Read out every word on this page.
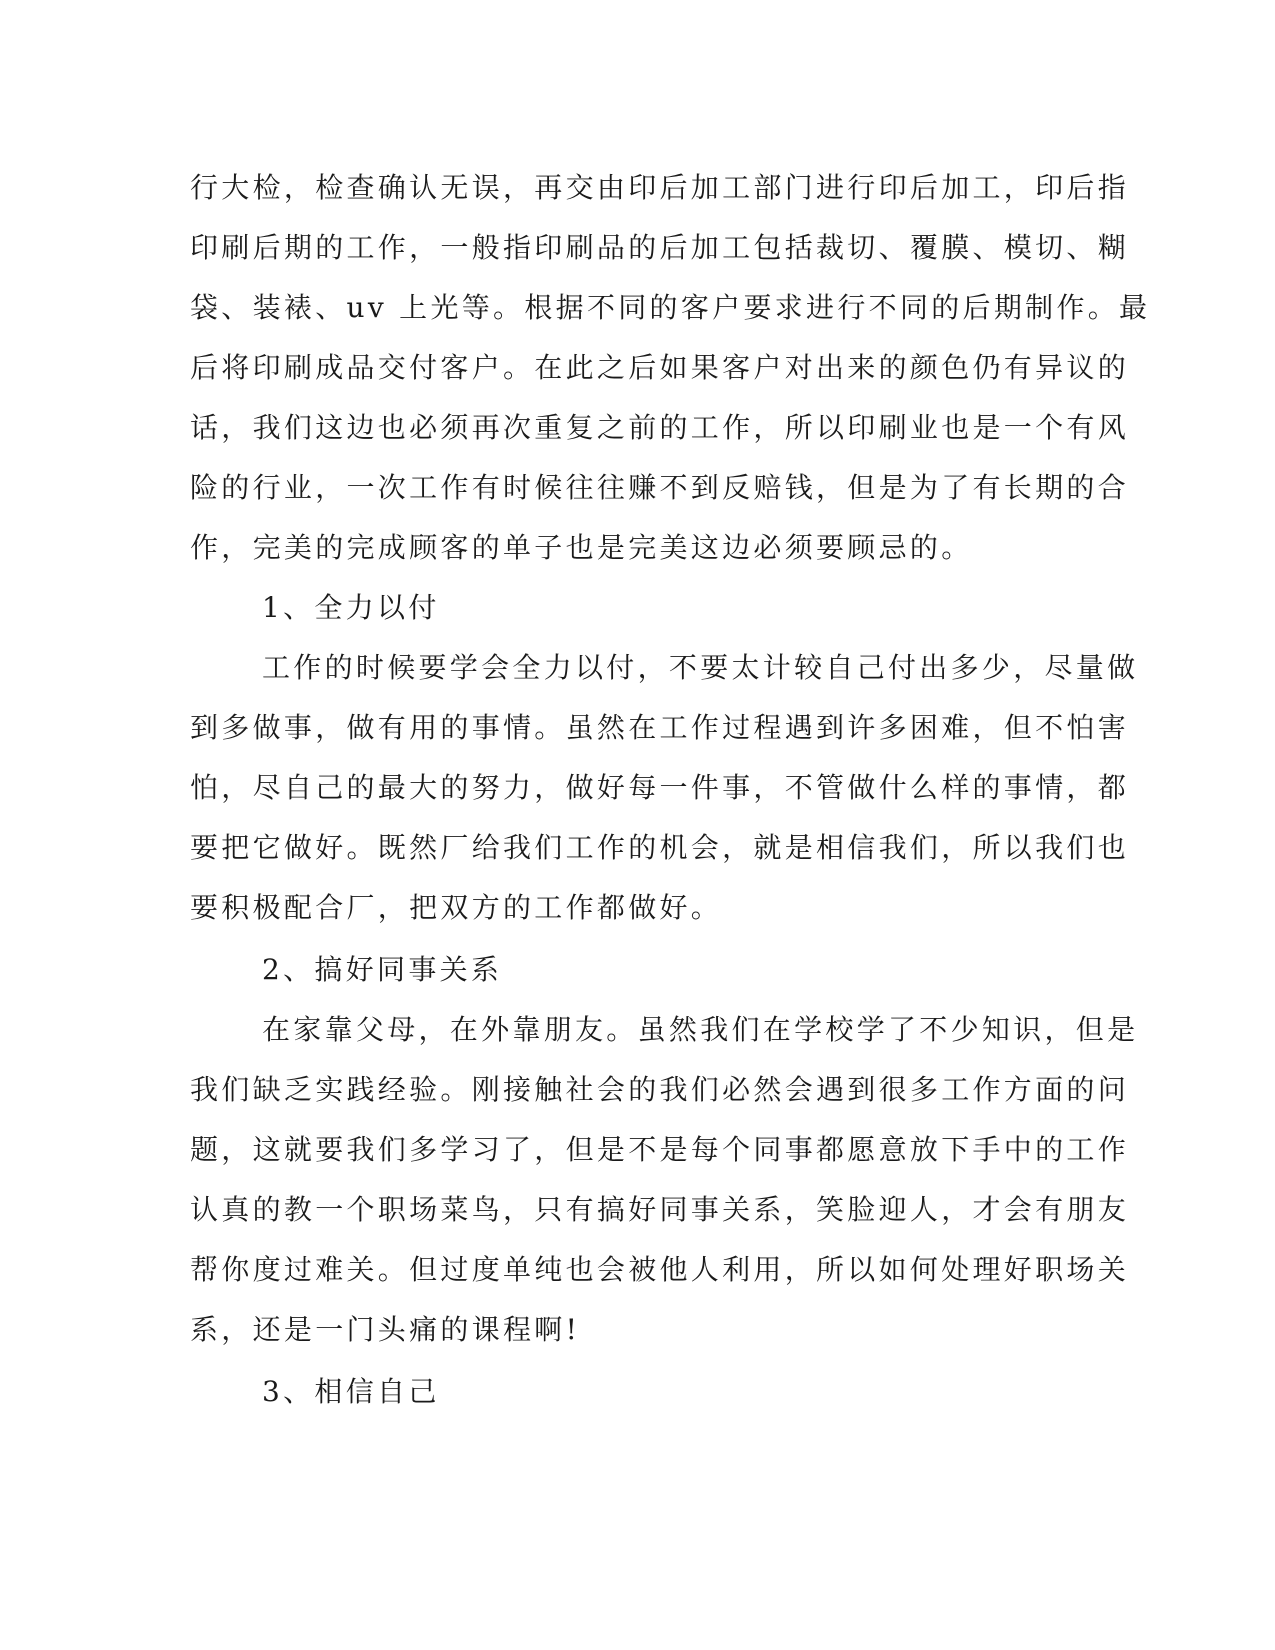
行大检，检查确认无误，再交由印后加工部门进行印后加工，印后指
印刷后期的工作，一般指印刷品的后加工包括裁切、覆膜、模切、糊
袋、装裱、uv 上光等。根据不同的客户要求进行不同的后期制作。最
后将印刷成品交付客户。在此之后如果客户对出来的颜色仍有异议的
话，我们这边也必须再次重复之前的工作，所以印刷业也是一个有风
险的行业，一次工作有时候往往赚不到反赔钱，但是为了有长期的合
作，完美的完成顾客的单子也是完美这边必须要顾忌的。
1、全力以付
工作的时候要学会全力以付，不要太计较自己付出多少，尽量做
到多做事，做有用的事情。虽然在工作过程遇到许多困难，但不怕害
怕，尽自己的最大的努力，做好每一件事，不管做什么样的事情，都
要把它做好。既然厂给我们工作的机会，就是相信我们，所以我们也
要积极配合厂，把双方的工作都做好。
2、搞好同事关系
在家靠父母，在外靠朋友。虽然我们在学校学了不少知识，但是
我们缺乏实践经验。刚接触社会的我们必然会遇到很多工作方面的问
题，这就要我们多学习了，但是不是每个同事都愿意放下手中的工作
认真的教一个职场菜鸟，只有搞好同事关系，笑脸迎人，才会有朋友
帮你度过难关。但过度单纯也会被他人利用，所以如何处理好职场关
系，还是一门头痛的课程啊!
3、相信自己
